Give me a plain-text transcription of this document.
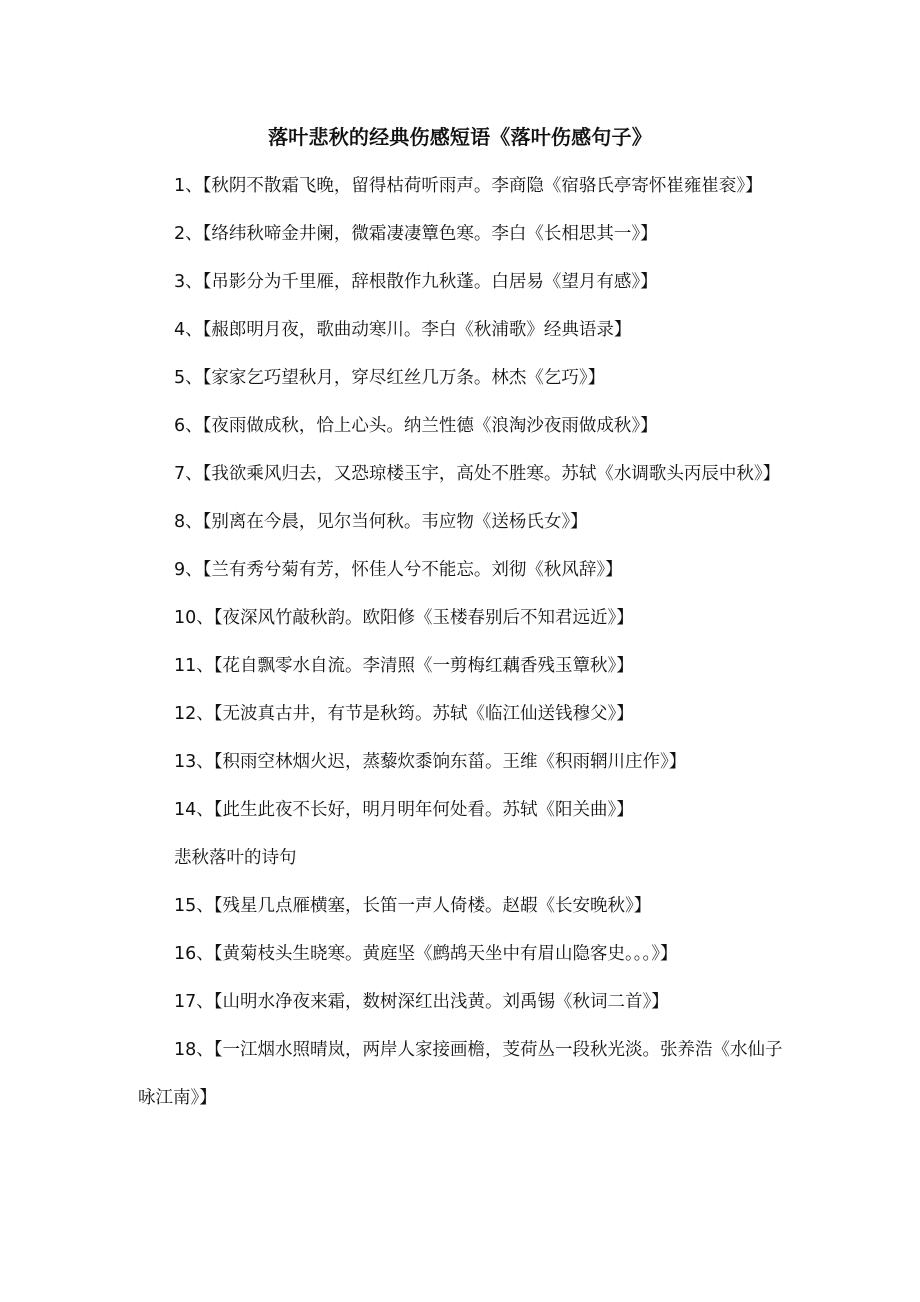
落叶悲秋的经典伤感短语《落叶伤感句子》

1、【秋阴不散霜飞晚，留得枯荷听雨声。李商隐《宿骆氏亭寄怀崔雍崔衮》】

2、【络纬秋啼金井阑，微霜凄凄簟色寒。李白《长相思其一》】

3、【吊影分为千里雁，辞根散作九秋蓬。白居易《望月有感》】

4、【赧郎明月夜，歌曲动寒川。李白《秋浦歌》经典语录】

5、【家家乞巧望秋月，穿尽红丝几万条。林杰《乞巧》】

6、【夜雨做成秋，恰上心头。纳兰性德《浪淘沙夜雨做成秋》】

7、【我欲乘风归去，又恐琼楼玉宇，高处不胜寒。苏轼《水调歌头丙辰中秋》】

8、【别离在今晨，见尔当何秋。韦应物《送杨氏女》】

9、【兰有秀兮菊有芳，怀佳人兮不能忘。刘彻《秋风辞》】

10、【夜深风竹敲秋韵。欧阳修《玉楼春别后不知君远近》】

11、【花自飘零水自流。李清照《一剪梅红藕香残玉簟秋》】

12、【无波真古井，有节是秋筠。苏轼《临江仙送钱穆父》】

13、【积雨空林烟火迟，蒸藜炊黍饷东菑。王维《积雨辋川庄作》】

14、【此生此夜不长好，明月明年何处看。苏轼《阳关曲》】

悲秋落叶的诗句

15、【残星几点雁横塞，长笛一声人倚楼。赵嘏《长安晚秋》】

16、【黄菊枝头生晓寒。黄庭坚《鹧鸪天坐中有眉山隐客史。。。》】

17、【山明水净夜来霜，数树深红出浅黄。刘禹锡《秋词二首》】

18、【一江烟水照晴岚，两岸人家接画檐，芰荷丛一段秋光淡。张养浩《水仙子咏江南》】
